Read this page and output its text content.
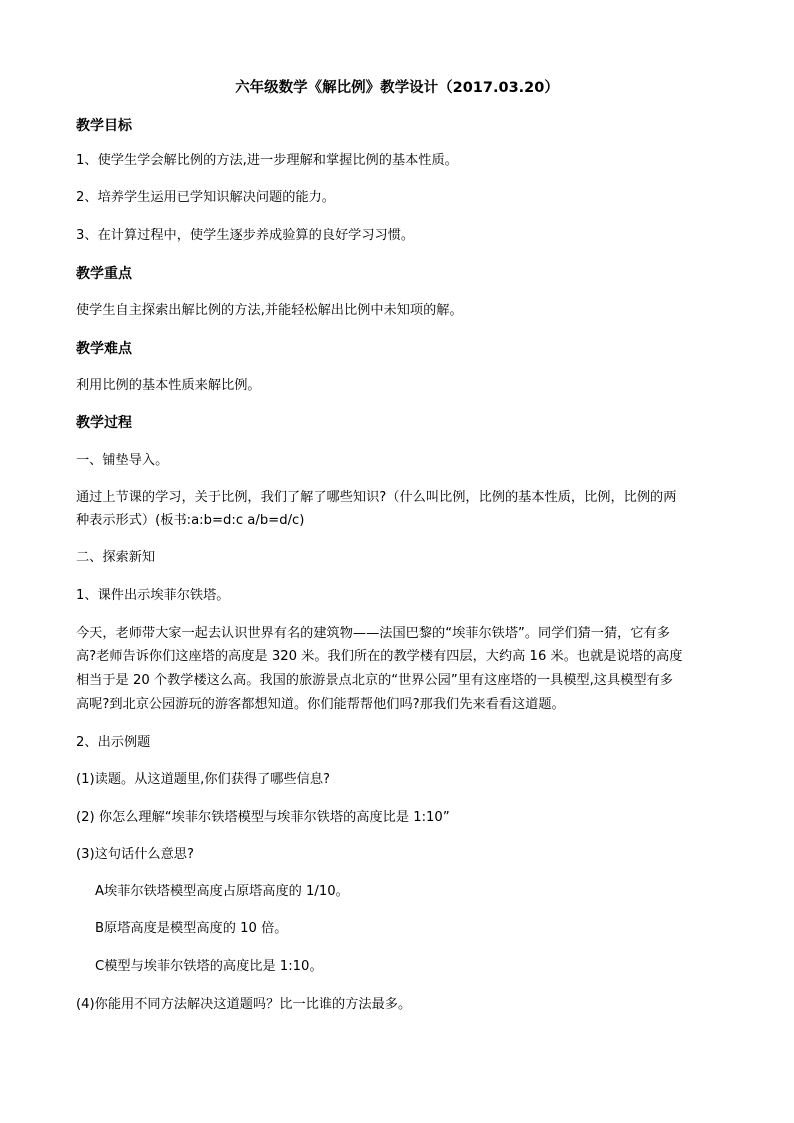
六年级数学《解比例》教学设计（2017.03.20）
教学目标
1、使学生学会解比例的方法,进一步理解和掌握比例的基本性质。
2、培养学生运用已学知识解决问题的能力。
3、在计算过程中，使学生逐步养成验算的良好学习习惯。
教学重点
使学生自主探索出解比例的方法,并能轻松解出比例中未知项的解。
教学难点
利用比例的基本性质来解比例。
教学过程
一、铺垫导入。
通过上节课的学习，关于比例，我们了解了哪些知识?（什么叫比例，比例的基本性质，比例，比例的两
种表示形式）(板书:a:b=d:c a/b=d/c)
二、探索新知
1、课件出示埃菲尔铁塔。
今天，老师带大家一起去认识世界有名的建筑物——法国巴黎的“埃菲尔铁塔”。同学们猜一猜，它有多
高?老师告诉你们这座塔的高度是 320 米。我们所在的教学楼有四层，大约高 16 米。也就是说塔的高度
相当于是 20 个教学楼这么高。我国的旅游景点北京的“世界公园”里有这座塔的一具模型,这具模型有多
高呢?到北京公园游玩的游客都想知道。你们能帮帮他们吗?那我们先来看看这道题。
2、出示例题
(1)读题。从这道题里,你们获得了哪些信息?
(2) 你怎么理解“埃菲尔铁塔模型与埃菲尔铁塔的高度比是 1:10”
(3)这句话什么意思?
A埃菲尔铁塔模型高度占原塔高度的 1/10。
B原塔高度是模型高度的 10 倍。
C模型与埃菲尔铁塔的高度比是 1:10。
(4)你能用不同方法解决这道题吗？比一比谁的方法最多。
